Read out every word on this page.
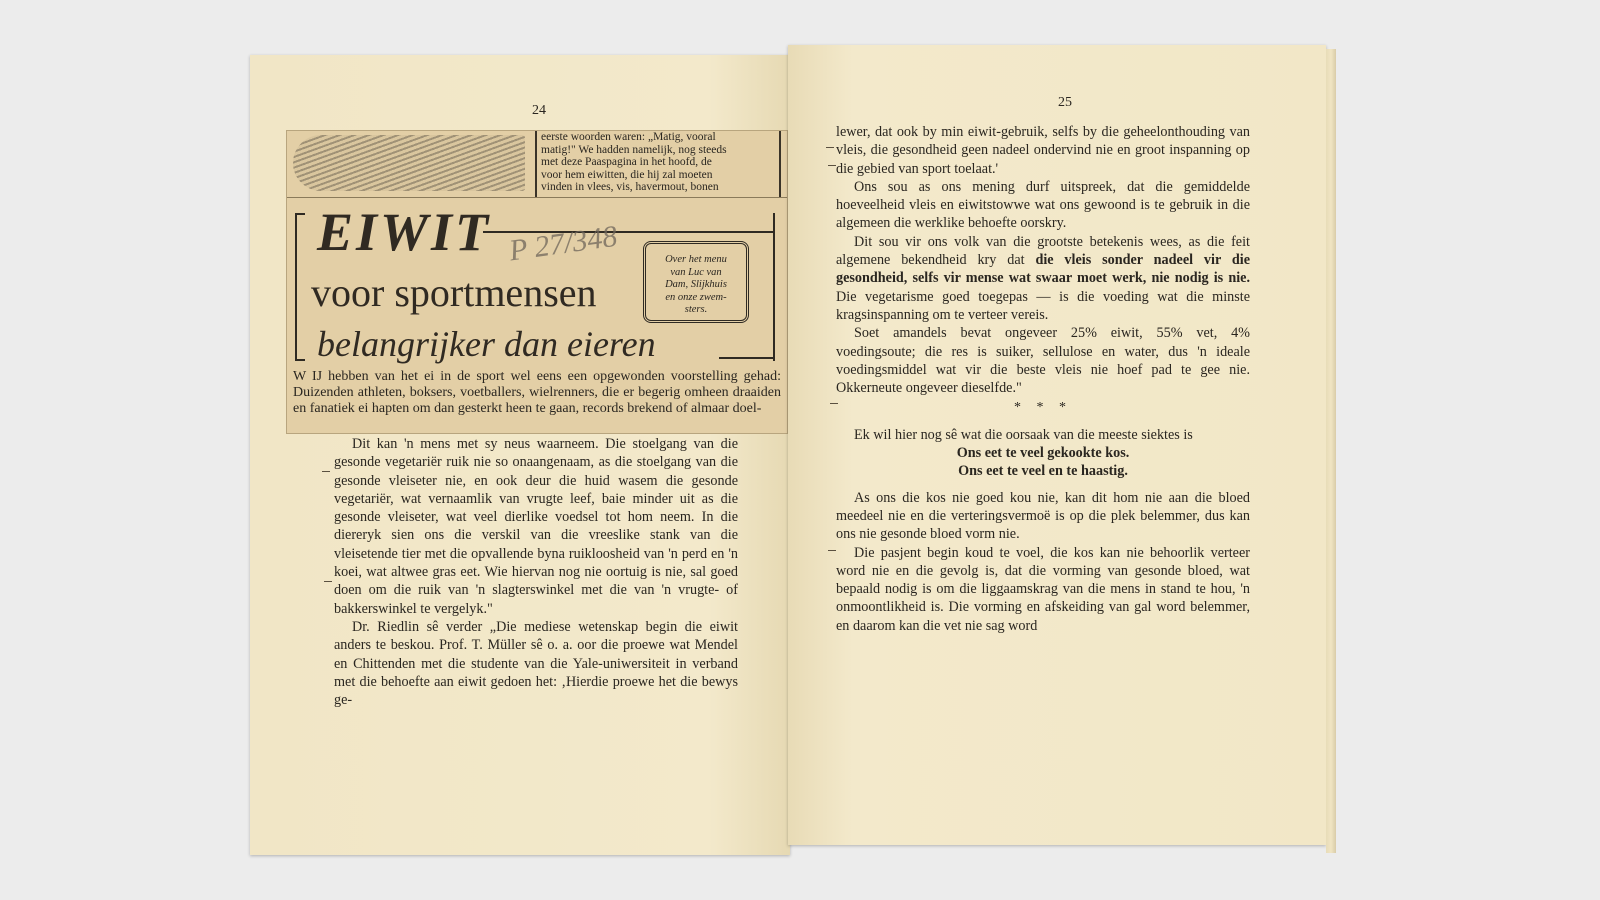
24
eerste woorden waren: „Matig, vooral
matig!" We hadden namelijk, nog steeds
met deze Paaspagina in het hoofd, de
voor hem eiwitten, die hij zal moeten
vinden in vlees, vis, havermout, bonen
EIWIT
voor sportmensen
belangrijker dan eieren
P 27/348	Over het menu
van Luc van
Dam, Slijkhuis
en onze zwem-
sters.
W IJ hebben van het ei in de sport wel eens een opgewonden voorstelling gehad: Duizenden athleten, boksers, voetballers, wielrenners, die er begerig omheen draaiden en fanatiek ei hapten om dan gesterkt heen te gaan, records brekend of almaar doel-

Dit kan 'n mens met sy neus waarneem. Die stoelgang van die gesonde vegetariër ruik nie so onaangenaam, as die stoelgang van die gesonde vleiseter nie, en ook deur die huid wasem die gesonde vegetariër, wat vernaamlik van vrugte leef, baie minder uit as die gesonde vleiseter, wat veel dierlike voedsel tot hom neem. In die diereryk sien ons die verskil van die vreeslike stank van die vleisetende tier met die opvallende byna ruikloosheid van 'n perd en 'n koei, wat altwee gras eet. Wie hiervan nog nie oortuig is nie, sal goed doen om die ruik van 'n slagterswinkel met die van 'n vrugte- of bakkerswinkel te vergelyk."

Dr. Riedlin sê verder „Die mediese wetenskap begin die eiwit anders te beskou. Prof. T. Müller sê o. a. oor die proewe wat Mendel en Chittenden met die studente van die Yale-uniwersiteit in verband met die behoefte aan eiwit gedoen het: ‚Hierdie proewe het die bewys ge-

25

lewer, dat ook by min eiwit-gebruik, selfs by die geheelonthouding van vleis, die gesondheid geen nadeel ondervind nie en groot inspanning op die gebied van sport toelaat.'

Ons sou as ons mening durf uitspreek, dat die gemiddelde hoeveelheid vleis en eiwitstowwe wat ons gewoond is te gebruik in die algemeen die werklike behoefte oorskry.

Dit sou vir ons volk van die grootste betekenis wees, as die feit algemene bekendheid kry dat die vleis sonder nadeel vir die gesondheid, selfs vir mense wat swaar moet werk, nie nodig is nie. Die vegetarisme goed toegepas — is die voeding wat die minste kragsinspanning om te verteer vereis.

Soet amandels bevat ongeveer 25% eiwit, 55% vet, 4% voedingsoute; die res is suiker, sellulose en water, dus 'n ideale voedingsmiddel wat vir die beste vleis nie hoef pad te gee nie. Okkerneute ongeveer dieselfde."

* * *

Ek wil hier nog sê wat die oorsaak van die meeste siektes is

Ons eet te veel gekookte kos.
Ons eet te veel en te haastig.

As ons die kos nie goed kou nie, kan dit hom nie aan die bloed meedeel nie en die verteringsvermoë is op die plek belemmer, dus kan ons nie gesonde bloed vorm nie.

Die pasjent begin koud te voel, die kos kan nie behoorlik verteer word nie en die gevolg is, dat die vorming van gesonde bloed, wat bepaald nodig is om die liggaamskrag van die mens in stand te hou, 'n onmoontlikheid is. Die vorming en afskeiding van gal word belemmer, en daarom kan die vet nie sag word
